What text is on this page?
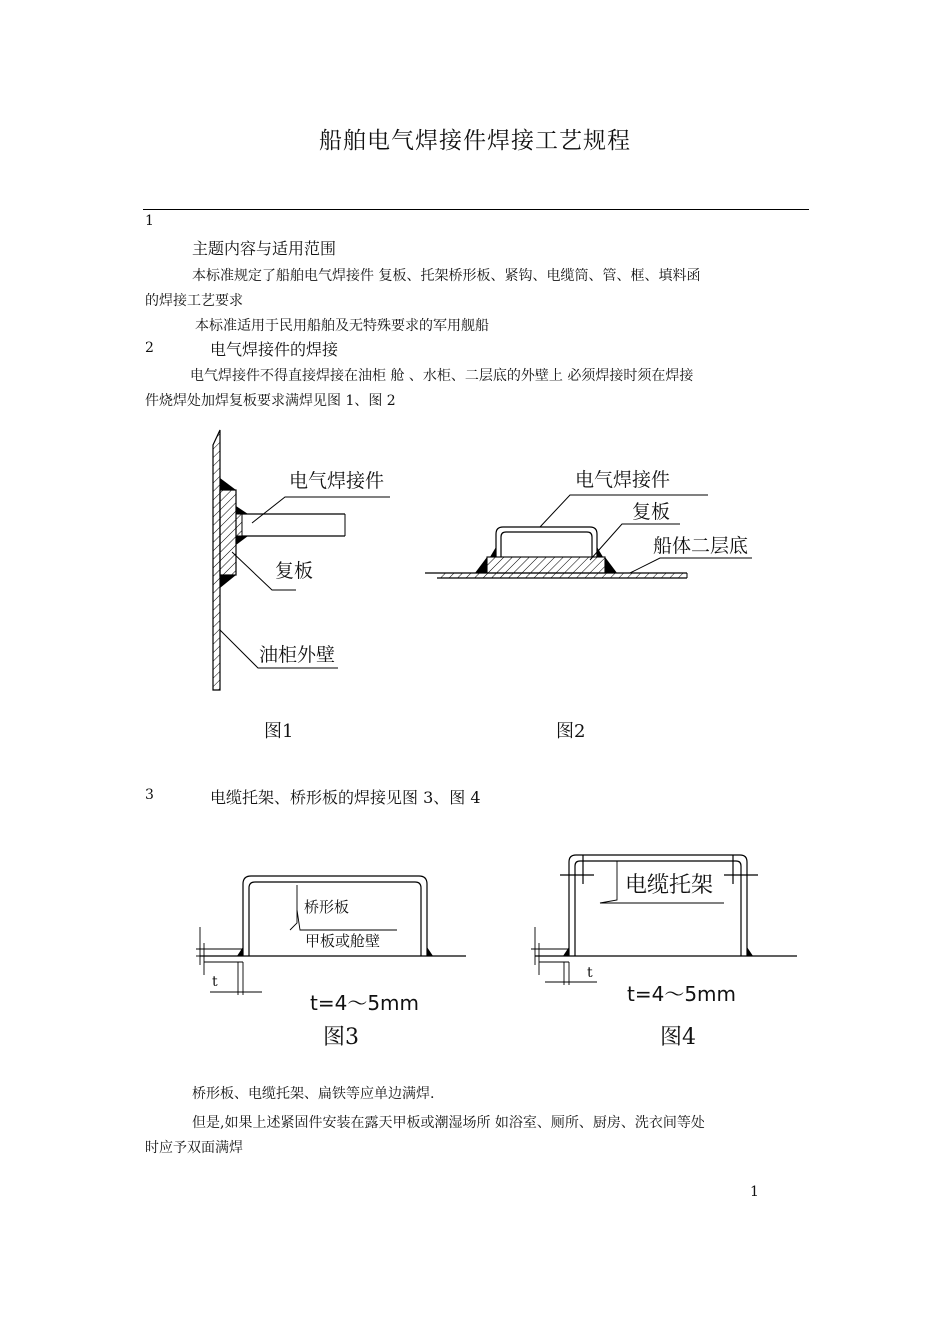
船舶电气焊接件焊接工艺规程
1
主题内容与适用范围
本标准规定了船舶电气焊接件 复板、托架桥形板、紧钩、电缆筒、管、框、填料函
的焊接工艺要求
本标准适用于民用船舶及无特殊要求的军用舰船
2	电气焊接件的焊接
电气焊接件不得直接焊接在油柜 舱 、水柜、二层底的外壁上 必须焊接时须在焊接
件烧焊处加焊复板要求满焊见图 1、图 2
电气焊接件
复板
油柜外壁
图1
电气焊接件
复板
船体二层底
图2
3	电缆托架、桥形板的焊接见图 3、图 4
桥形板
甲板或舱壁
t
t=4～5mm
图3
电缆托架
t
t=4～5mm
图4
桥形板、电缆托架、扁铁等应单边满焊.
但是,如果上述紧固件安装在露天甲板或潮湿场所 如浴室、厕所、厨房、洗衣间等处
时应予双面满焊
1
